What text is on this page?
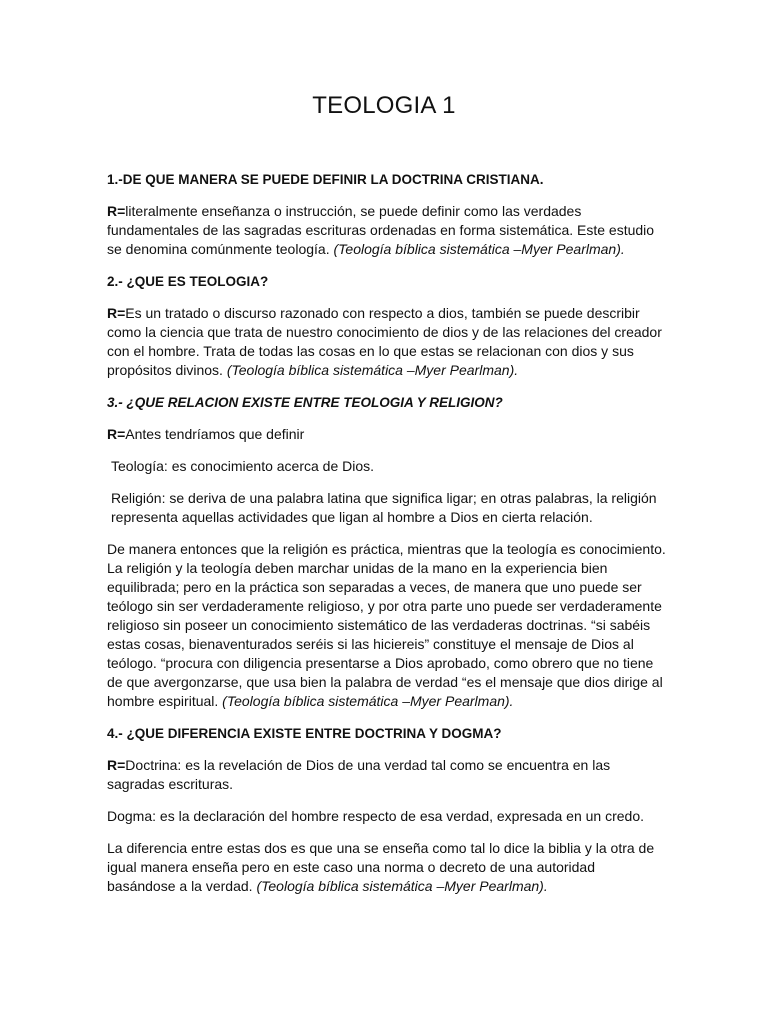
TEOLOGIA 1

1.-DE QUE MANERA SE PUEDE DEFINIR LA DOCTRINA CRISTIANA.

R=literalmente enseñanza o instrucción, se puede definir como las verdades fundamentales de las sagradas escrituras ordenadas en forma sistemática. Este estudio se denomina comúnmente teología. (Teología bíblica sistemática –Myer Pearlman).

2.- ¿QUE ES TEOLOGIA?

R=Es un tratado o discurso razonado con respecto a dios, también se puede describir como la ciencia que trata de nuestro conocimiento de dios y de las relaciones del creador con el hombre. Trata de todas las cosas en lo que estas se relacionan con dios y sus propósitos divinos. (Teología bíblica sistemática –Myer Pearlman).

3.- ¿QUE RELACION EXISTE ENTRE TEOLOGIA Y RELIGION?

R=Antes tendríamos que definir

Teología: es conocimiento acerca de Dios.

Religión: se deriva de una palabra latina que significa ligar; en otras palabras, la religión representa aquellas actividades que ligan al hombre a Dios en cierta relación.

De manera entonces que la religión es práctica, mientras que la teología es conocimiento. La religión y la teología deben marchar unidas de la mano en la experiencia bien equilibrada; pero en la práctica son separadas a veces, de manera que uno puede ser teólogo sin ser verdaderamente religioso, y por otra parte uno puede ser verdaderamente religioso sin poseer un conocimiento sistemático de las verdaderas doctrinas. “si sabéis estas cosas, bienaventurados seréis si las hiciereis” constituye el mensaje de Dios al teólogo. “procura con diligencia presentarse a Dios aprobado, como obrero que no tiene de que avergonzarse, que usa bien la palabra de verdad “es el mensaje que dios dirige al hombre espiritual. (Teología bíblica sistemática –Myer Pearlman).

4.- ¿QUE DIFERENCIA EXISTE ENTRE DOCTRINA Y DOGMA?

R=Doctrina: es la revelación de Dios de una verdad tal como se encuentra en las sagradas escrituras.

Dogma: es la declaración del hombre respecto de esa verdad, expresada en un credo.

La diferencia entre estas dos es que una se enseña como tal lo dice la biblia y la otra de igual manera enseña pero en este caso una norma o decreto de una autoridad basándose a la verdad. (Teología bíblica sistemática –Myer Pearlman).
